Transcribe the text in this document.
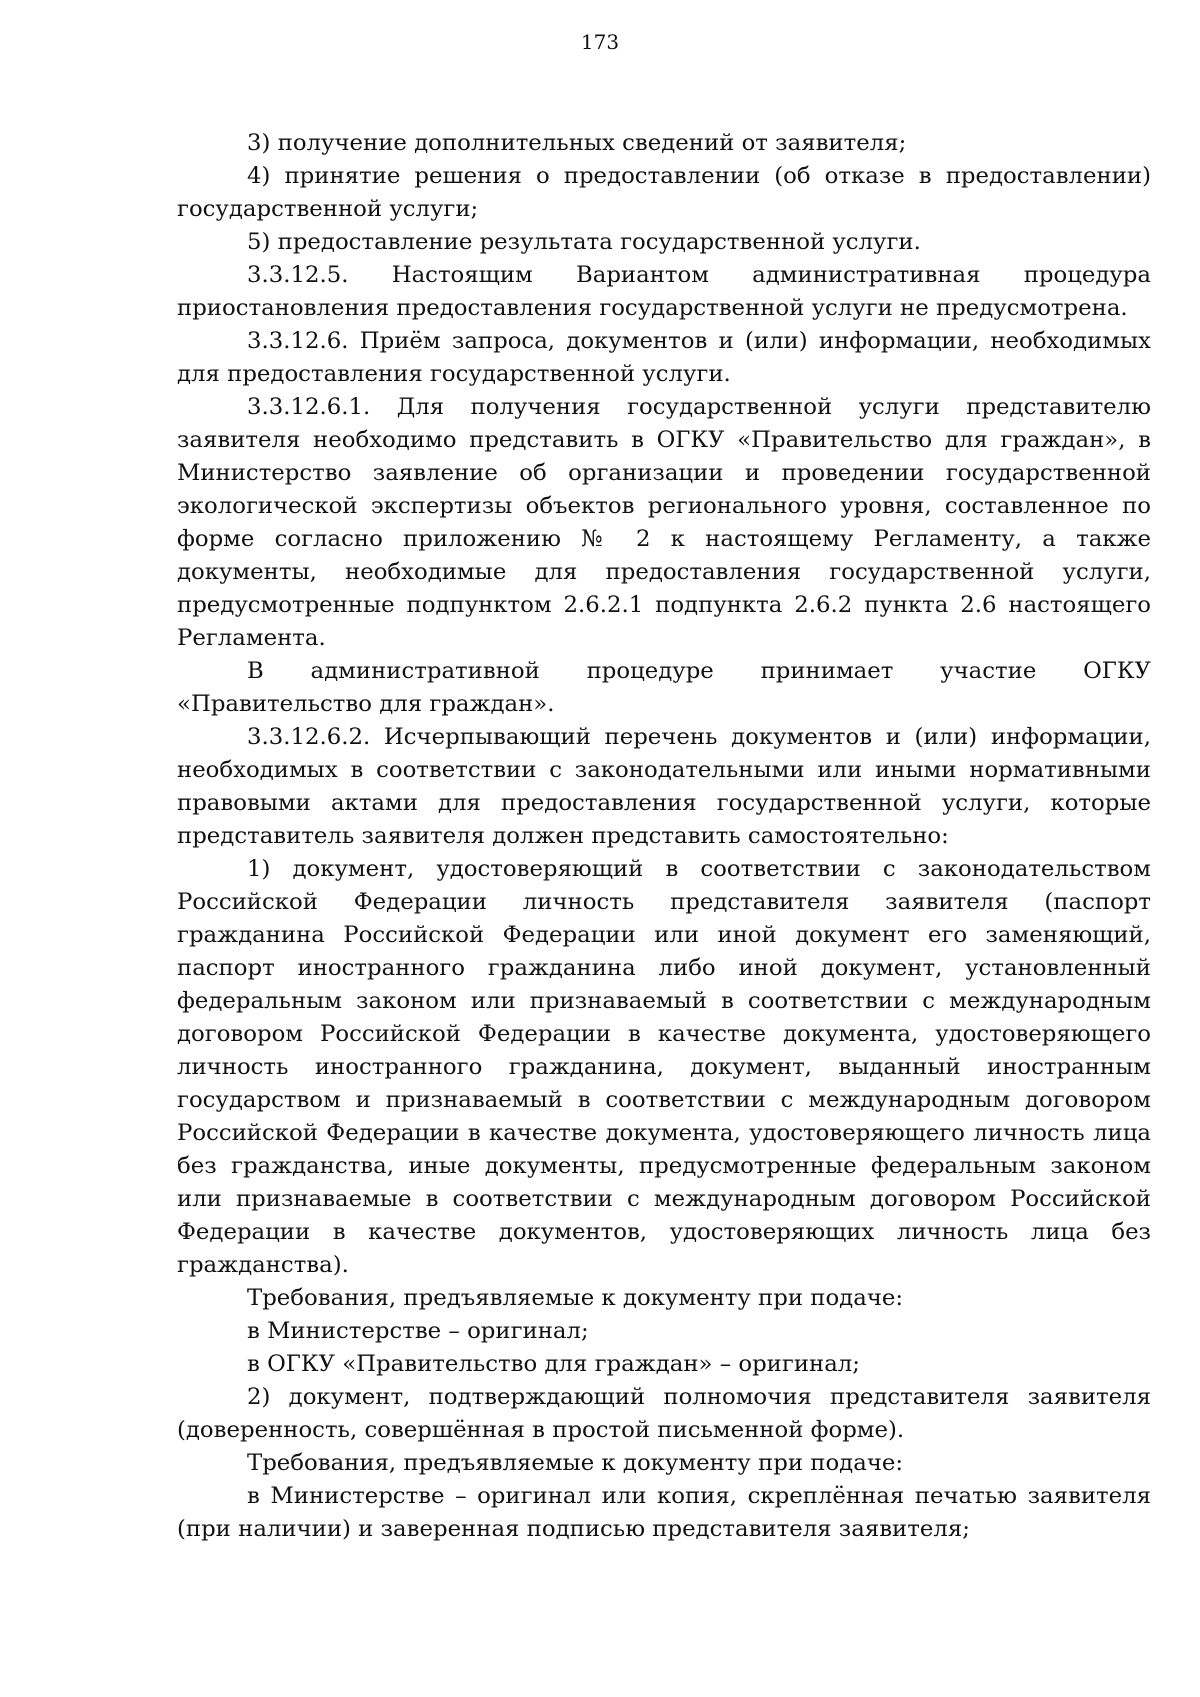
173

3) получение дополнительных сведений от заявителя;

4) принятие решения о предоставлении (об отказе в предоставлении) государственной услуги;

5) предоставление результата государственной услуги.

3.3.12.5. Настоящим Вариантом административная процедура приостановления предоставления государственной услуги не предусмотрена.

3.3.12.6. Приём запроса, документов и (или) информации, необходимых для предоставления государственной услуги.

3.3.12.6.1. Для получения государственной услуги представителю заявителя необходимо представить в ОГКУ «Правительство для граждан», в Министерство заявление об организации и проведении государственной экологической экспертизы объектов регионального уровня, составленное по форме согласно приложению № 2 к настоящему Регламенту, а также документы, необходимые для предоставления государственной услуги, предусмотренные подпунктом 2.6.2.1 подпункта 2.6.2 пункта 2.6 настоящего Регламента.

В административной процедуре принимает участие ОГКУ «Правительство для граждан».

3.3.12.6.2. Исчерпывающий перечень документов и (или) информации, необходимых в соответствии с законодательными или иными нормативными правовыми актами для предоставления государственной услуги, которые представитель заявителя должен представить самостоятельно:

1) документ, удостоверяющий в соответствии с законодательством Российской Федерации личность представителя заявителя (паспорт гражданина Российской Федерации или иной документ его заменяющий, паспорт иностранного гражданина либо иной документ, установленный федеральным законом или признаваемый в соответствии с международным договором Российской Федерации в качестве документа, удостоверяющего личность иностранного гражданина, документ, выданный иностранным государством и признаваемый в соответствии с международным договором Российской Федерации в качестве документа, удостоверяющего личность лица без гражданства, иные документы, предусмотренные федеральным законом или признаваемые в соответствии с международным договором Российской Федерации в качестве документов, удостоверяющих личность лица без гражданства).

Требования, предъявляемые к документу при подаче:

в Министерстве – оригинал;

в ОГКУ «Правительство для граждан» – оригинал;

2) документ, подтверждающий полномочия представителя заявителя (доверенность, совершённая в простой письменной форме).

Требования, предъявляемые к документу при подаче:

в Министерстве – оригинал или копия, скреплённая печатью заявителя (при наличии) и заверенная подписью представителя заявителя;
